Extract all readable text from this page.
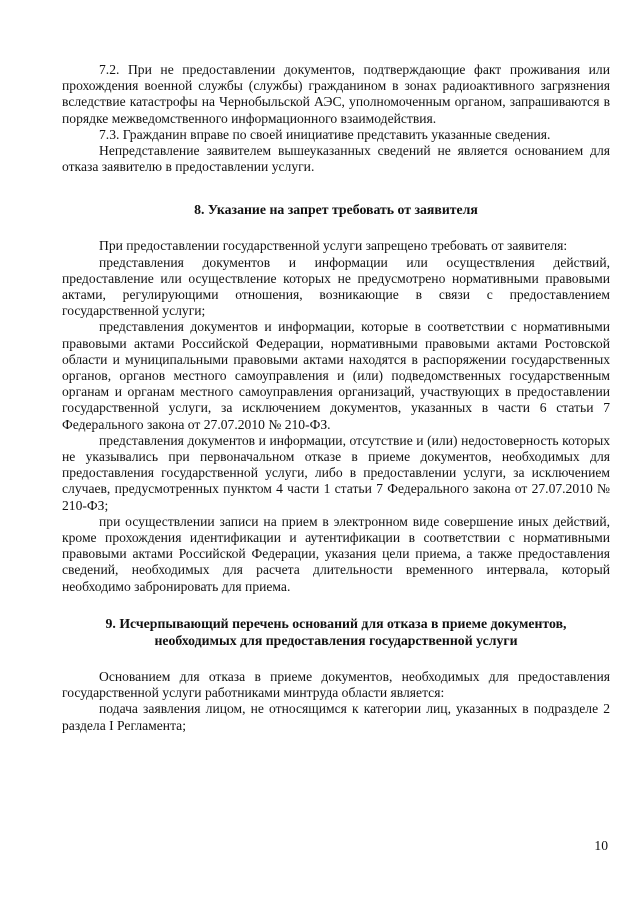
7.2. При не предоставлении документов, подтверждающие факт проживания или прохождения военной службы (службы) гражданином в зонах радиоактивного загрязнения вследствие катастрофы на Чернобыльской АЭС, уполномоченным органом, запрашиваются в порядке межведомственного информационного взаимодействия.

7.3. Гражданин вправе по своей инициативе представить указанные сведения.

Непредставление заявителем вышеуказанных сведений не является основанием для отказа заявителю в предоставлении услуги.

8. Указание на запрет требовать от заявителя

При предоставлении государственной услуги запрещено требовать от заявителя:

представления документов и информации или осуществления действий, предоставление или осуществление которых не предусмотрено нормативными правовыми актами, регулирующими отношения, возникающие в связи с предоставлением государственной услуги;

представления документов и информации, которые в соответствии с нормативными правовыми актами Российской Федерации, нормативными правовыми актами Ростовской области и муниципальными правовыми актами находятся в распоряжении государственных органов, органов местного самоуправления и (или) подведомственных государственным органам и органам местного самоуправления организаций, участвующих в предоставлении государственной услуги, за исключением документов, указанных в части 6 статьи 7 Федерального закона от 27.07.2010 № 210-ФЗ.

представления документов и информации, отсутствие и (или) недостоверность которых не указывались при первоначальном отказе в приеме документов, необходимых для предоставления государственной услуги, либо в предоставлении услуги, за исключением случаев, предусмотренных пунктом 4 части 1 статьи 7 Федерального закона от 27.07.2010 № 210-ФЗ;

при осуществлении записи на прием в электронном виде совершение иных действий, кроме прохождения идентификации и аутентификации в соответствии с нормативными правовыми актами Российской Федерации, указания цели приема, а также предоставления сведений, необходимых для расчета длительности временного интервала, который необходимо забронировать для приема.

9. Исчерпывающий перечень оснований для отказа в приеме документов,
необходимых для предоставления государственной услуги

Основанием для отказа в приеме документов, необходимых для предоставления государственной услуги работниками минтруда области является:

подача заявления лицом, не относящимся к категории лиц, указанных в подразделе 2 раздела I Регламента;

10
